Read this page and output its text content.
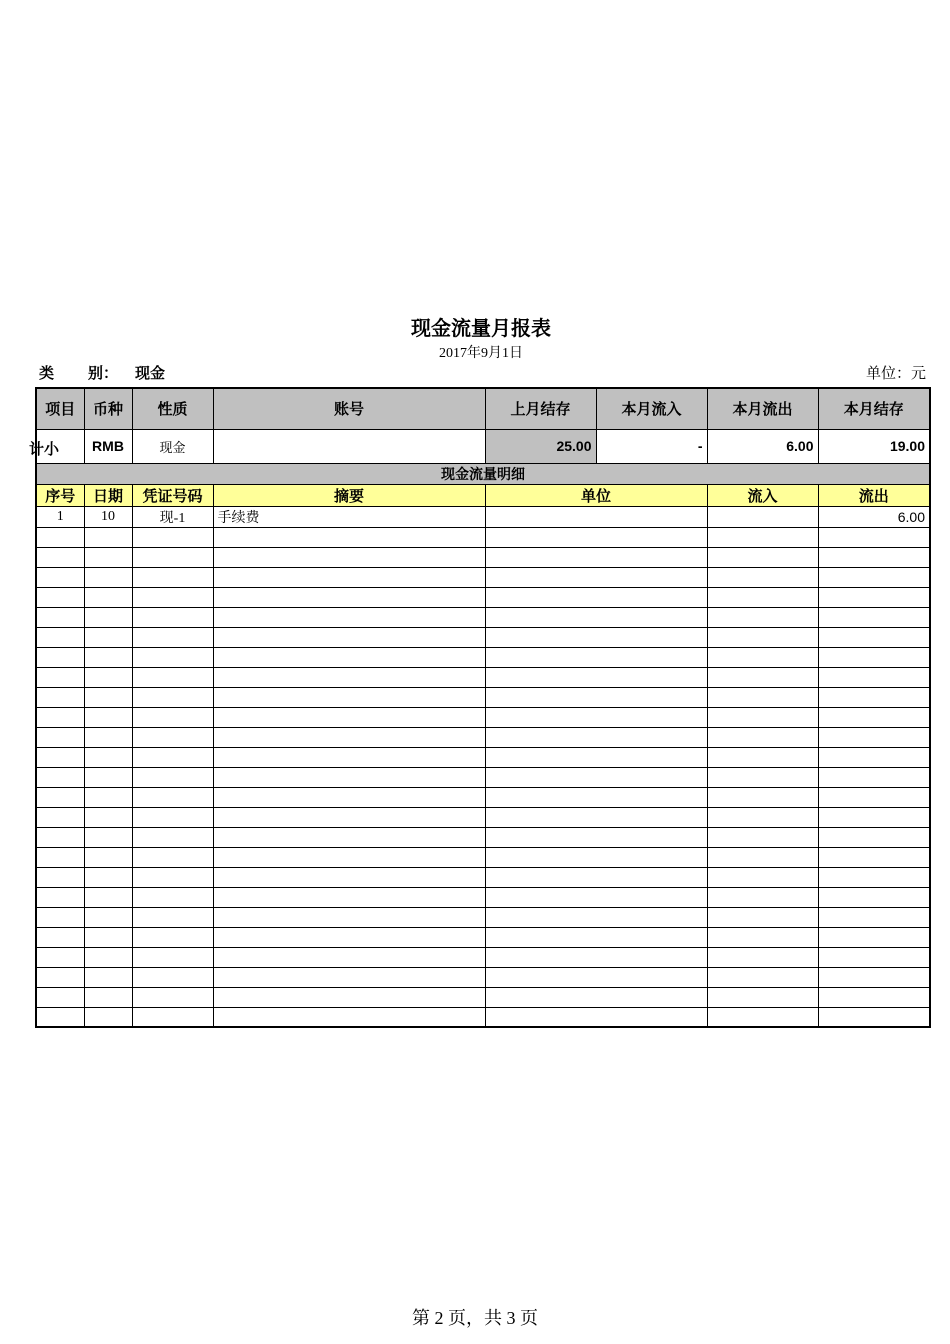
现金流量月报表
2017年9月1日
类 别： 现金	单位：元
项目	币种	性质	账号	上月结存	本月流入	本月流出	本月结存

计小	RMB	现金		25.00	-	6.00	19.00
现金流量明细							
序号	日期	凭证号码	摘要	单位		流入	流出
1	10	现-1	手续费				6.00

第 2 页，共 3 页
